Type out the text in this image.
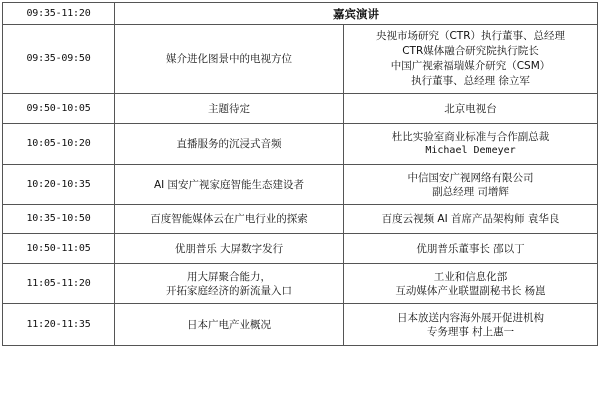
09:35-11:20	嘉宾演讲	
09:35-09:50	媒介进化图景中的电视方位	央视市场研究（CTR）执行董事、总经理
CTR媒体融合研究院执行院长
中国广视索福瑞媒介研究（CSM）
执行董事、总经理 徐立军

09:50-10:05	主题待定	北京电视台

10:05-10:20	直播服务的沉浸式音频	杜比实验室商业标准与合作副总裁
Michael Demeyer

10:20-10:35	AI 国安广视家庭智能生态建设者	中信国安广视网络有限公司
副总经理 司增辉

10:35-10:50	百度智能媒体云在广电行业的探索	百度云视频 AI 首席产品架构师 袁华良

10:50-11:05	优朋普乐 大屏数字发行	优朋普乐董事长 邵以丁

11:05-11:20	用大屏聚合能力，
开拓家庭经济的新流量入口	工业和信息化部
互动媒体产业联盟副秘书长 杨崑

11:20-11:35	日本广电产业概况	日本放送内容海外展开促进机构
专务理事 村上惠一
